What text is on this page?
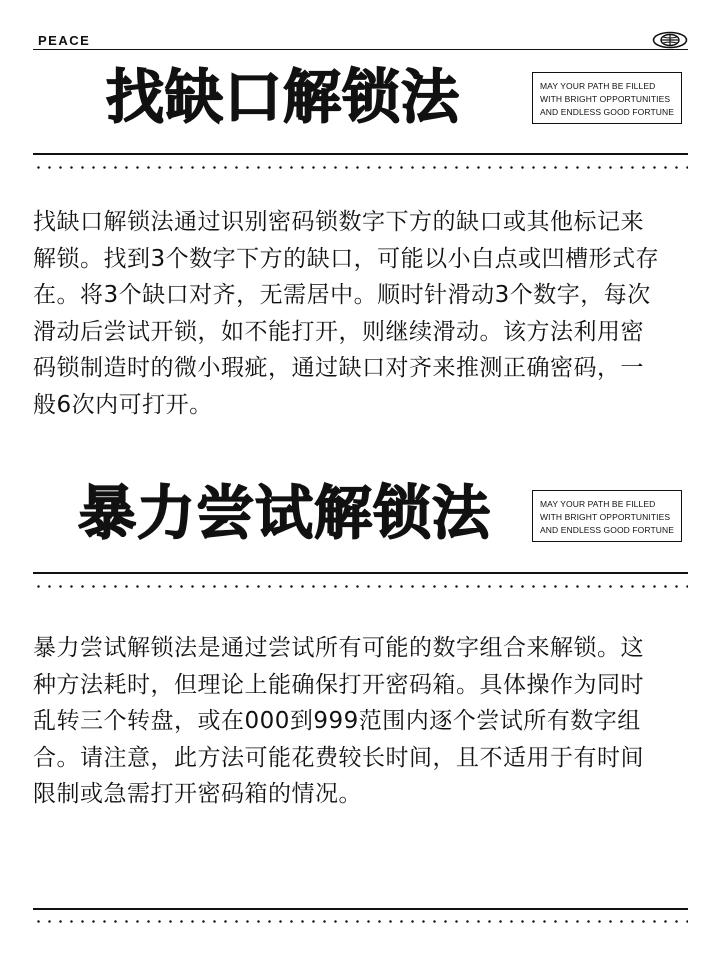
PEACE
找缺口解锁法	MAY YOUR PATH BE FILLED
WITH BRIGHT OPPORTUNITIES
AND ENDLESS GOOD FORTUNE

找缺口解锁法通过识别密码锁数字下方的缺口或其他标记来解锁。找到3个数字下方的缺口，可能以小白点或凹槽形式存在。将3个缺口对齐，无需居中。顺时针滑动3个数字，每次滑动后尝试开锁，如不能打开，则继续滑动。该方法利用密码锁制造时的微小瑕疵，通过缺口对齐来推测正确密码，一般6次内可打开。

暴力尝试解锁法	MAY YOUR PATH BE FILLED
WITH BRIGHT OPPORTUNITIES
AND ENDLESS GOOD FORTUNE

暴力尝试解锁法是通过尝试所有可能的数字组合来解锁。这种方法耗时，但理论上能确保打开密码箱。具体操作为同时乱转三个转盘，或在000到999范围内逐个尝试所有数字组合。请注意，此方法可能花费较长时间，且不适用于有时间限制或急需打开密码箱的情况。
